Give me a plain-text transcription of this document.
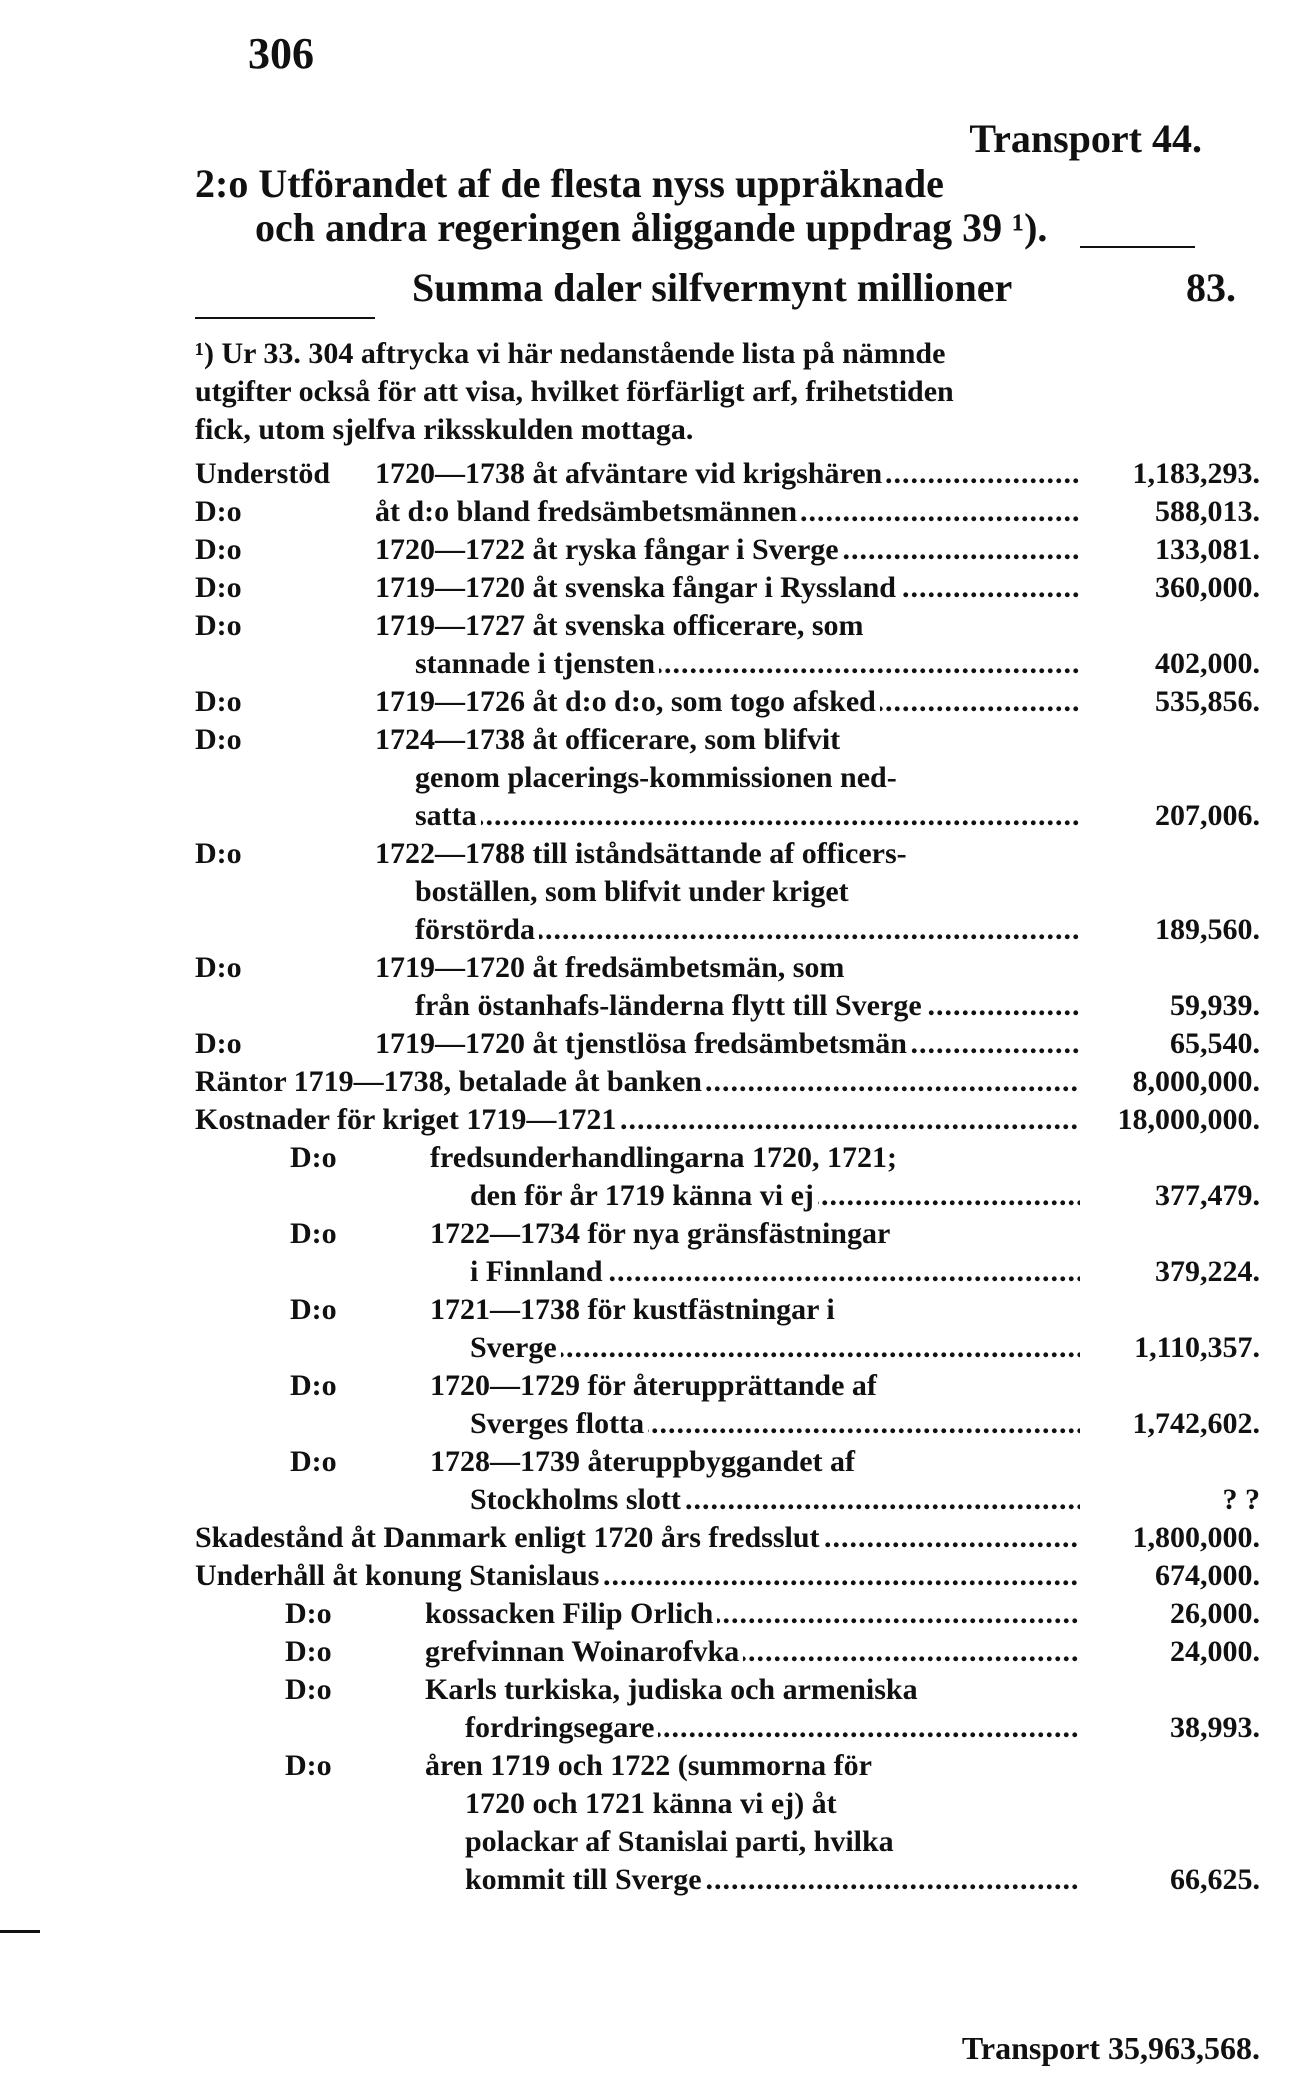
306
Transport 44.
2:o Utförandet af de flesta nyss uppräknade
och andra regeringen åliggande uppdrag 39 ¹).
Summa daler silfvermynt millioner	83.
¹) Ur 33. 304 aftrycka vi här nedanstående lista på nämnde
utgifter också för att visa, hvilket förfärligt arf, frihetstiden
fick, utom sjelfva riksskulden mottaga.
Understöd	1720—1738 åt afväntare vid krigshären .....	1,183,293.
D:o	åt d:o bland fredsämbetsmännen .....	588,013.
D:o	1720—1722 åt ryska fångar i Sverge .....	133,081.
D:o	1719—1720 åt svenska fångar i Ryssland .....	360,000.
D:o	1719—1727 åt svenska officerare, som
stannade i tjensten .....	402,000.
D:o	1719—1726 åt d:o d:o, som togo afsked .....	535,856.
D:o	1724—1738 åt officerare, som blifvit
genom placerings-kommissionen ned-
satta .....	207,006.
D:o	1722—1788 till iståndsättande af officers-
boställen, som blifvit under kriget
förstörda .....	189,560.
D:o	1719—1720 åt fredsämbetsmän, som
från östanhafs-länderna flytt till Sverge .....	59,939.
D:o	1719—1720 åt tjenstlösa fredsämbetsmän .....	65,540.
Räntor 1719—1738, betalade åt banken .....	8,000,000.
Kostnader för kriget 1719—1721 .....	18,000,000.
D:o	fredsunderhandlingarna 1720, 1721;
den för år 1719 känna vi ej .....	377,479.
D:o	1722—1734 för nya gränsfästningar
i Finnland .....	379,224.
D:o	1721—1738 för kustfästningar i
Sverge .....	1,110,357.
D:o	1720—1729 för återupprättande af
Sverges flotta .....	1,742,602.
D:o	1728—1739 återuppbyggandet af
Stockholms slott .....	? ?
Skadestånd åt Danmark enligt 1720 års fredsslut .....	1,800,000.
Underhåll åt konung Stanislaus .....	674,000.
D:o	kossacken Filip Orlich .....	26,000.
D:o	grefvinnan Woinarofvka .....	24,000.
D:o	Karls turkiska, judiska och armeniska
fordringsegare .....	38,993.
D:o	åren 1719 och 1722 (summorna för
1720 och 1721 känna vi ej) åt
polackar af Stanislai parti, hvilka
kommit till Sverge .....	66,625.
Transport 35,963,568.
